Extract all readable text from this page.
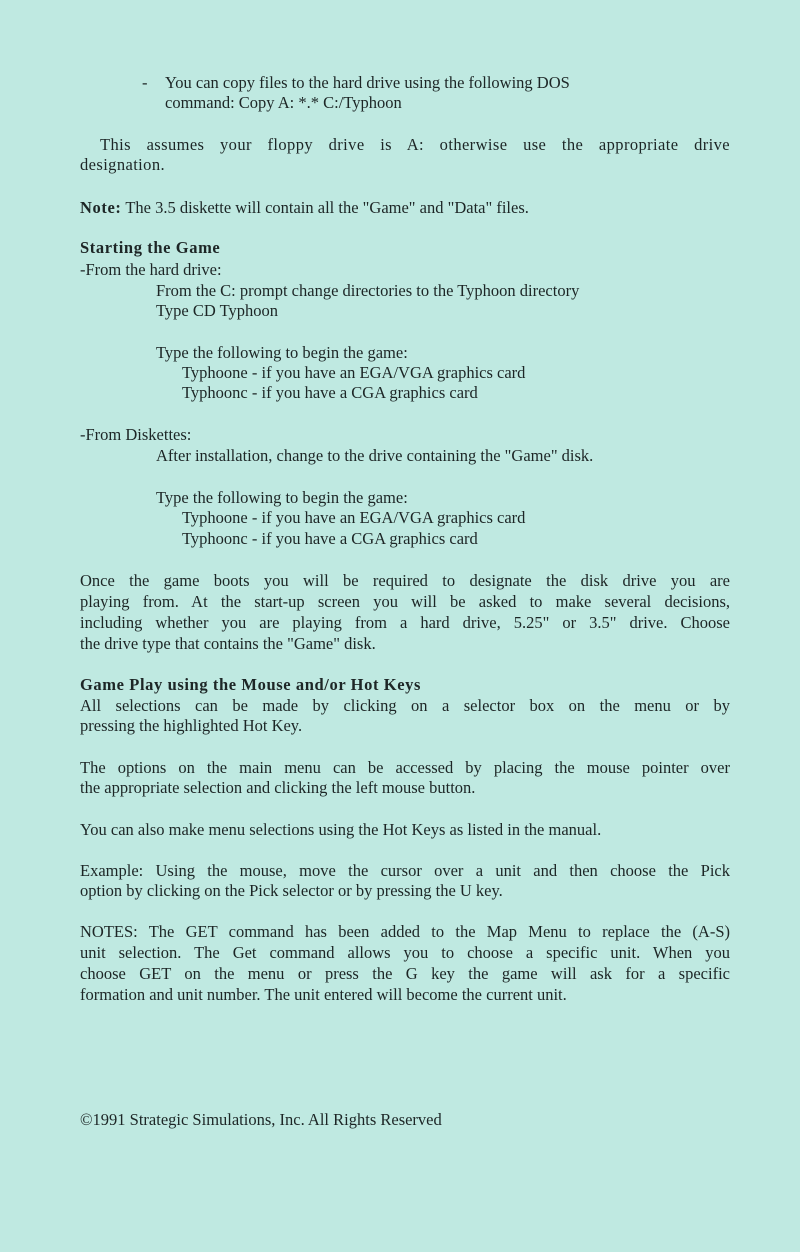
- You can copy files to the hard drive using the following DOS
command: Copy A: *.* C:/Typhoon
This assumes your floppy drive is A: otherwise use the appropriate drive
designation.
Note: The 3.5 diskette will contain all the "Game" and "Data" files.
Starting the Game
-From the hard drive:
From the C: prompt change directories to the Typhoon directory
Type CD Typhoon
Type the following to begin the game:
Typhoone - if you have an EGA/VGA graphics card
Typhoonc - if you have a CGA graphics card
-From Diskettes:
After installation, change to the drive containing the "Game" disk.
Type the following to begin the game:
Typhoone - if you have an EGA/VGA graphics card
Typhoonc - if you have a CGA graphics card
Once the game boots you will be required to designate the disk drive you are
playing from. At the start-up screen you will be asked to make several decisions,
including whether you are playing from a hard drive, 5.25" or 3.5" drive. Choose
the drive type that contains the "Game" disk.
Game Play using the Mouse and/or Hot Keys
All selections can be made by clicking on a selector box on the menu or by
pressing the highlighted Hot Key.
The options on the main menu can be accessed by placing the mouse pointer over
the appropriate selection and clicking the left mouse button.
You can also make menu selections using the Hot Keys as listed in the manual.
Example: Using the mouse, move the cursor over a unit and then choose the Pick
option by clicking on the Pick selector or by pressing the U key.
NOTES: The GET command has been added to the Map Menu to replace the (A-S)
unit selection. The Get command allows you to choose a specific unit. When you
choose GET on the menu or press the G key the game will ask for a specific
formation and unit number. The unit entered will become the current unit.
©1991 Strategic Simulations, Inc. All Rights Reserved
